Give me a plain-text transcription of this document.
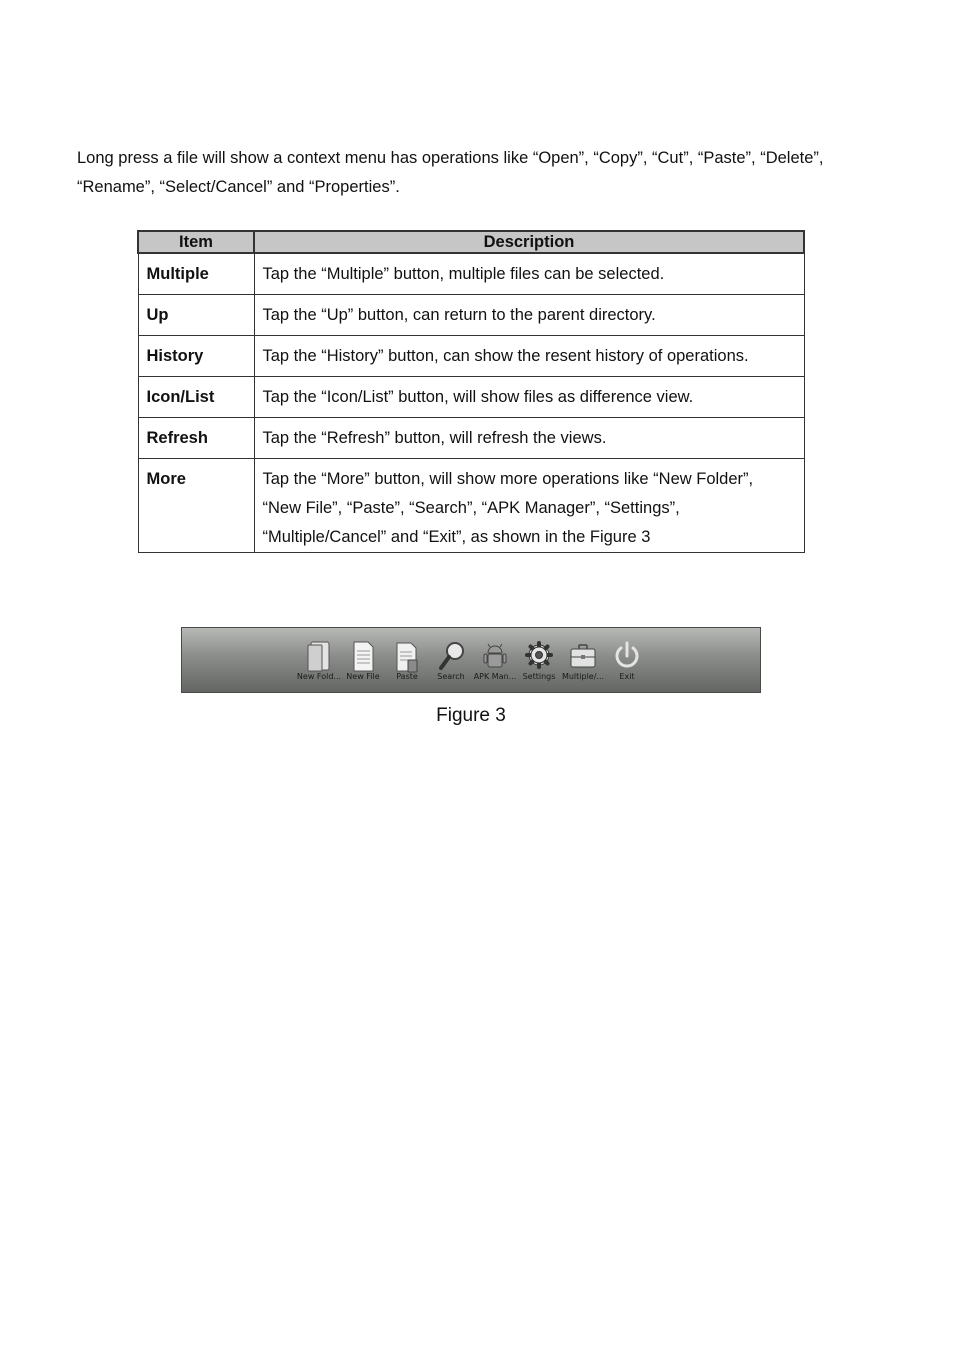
Long press a file will show a context menu has operations like “Open”, “Copy”, “Cut”, “Paste”, “Delete”, “Rename”, “Select/Cancel” and “Properties”.

Item	Description
Multiple	Tap the “Multiple” button, multiple files can be selected.
Up	Tap the “Up” button, can return to the parent directory.
History	Tap the “History” button, can show the resent history of operations.
Icon/List	Tap the “Icon/List” button, will show files as difference view.
Refresh	Tap the “Refresh” button, will refresh the views.
More	Tap the “More” button, will show more operations like “New Folder”, “New File”, “Paste”, “Search”, “APK Manager”, “Settings”, “Multiple/Cancel” and “Exit”, as shown in the Figure 3
New Fold... New File Paste Search APK Man... Settings Multiple/... Exit
Figure 3
